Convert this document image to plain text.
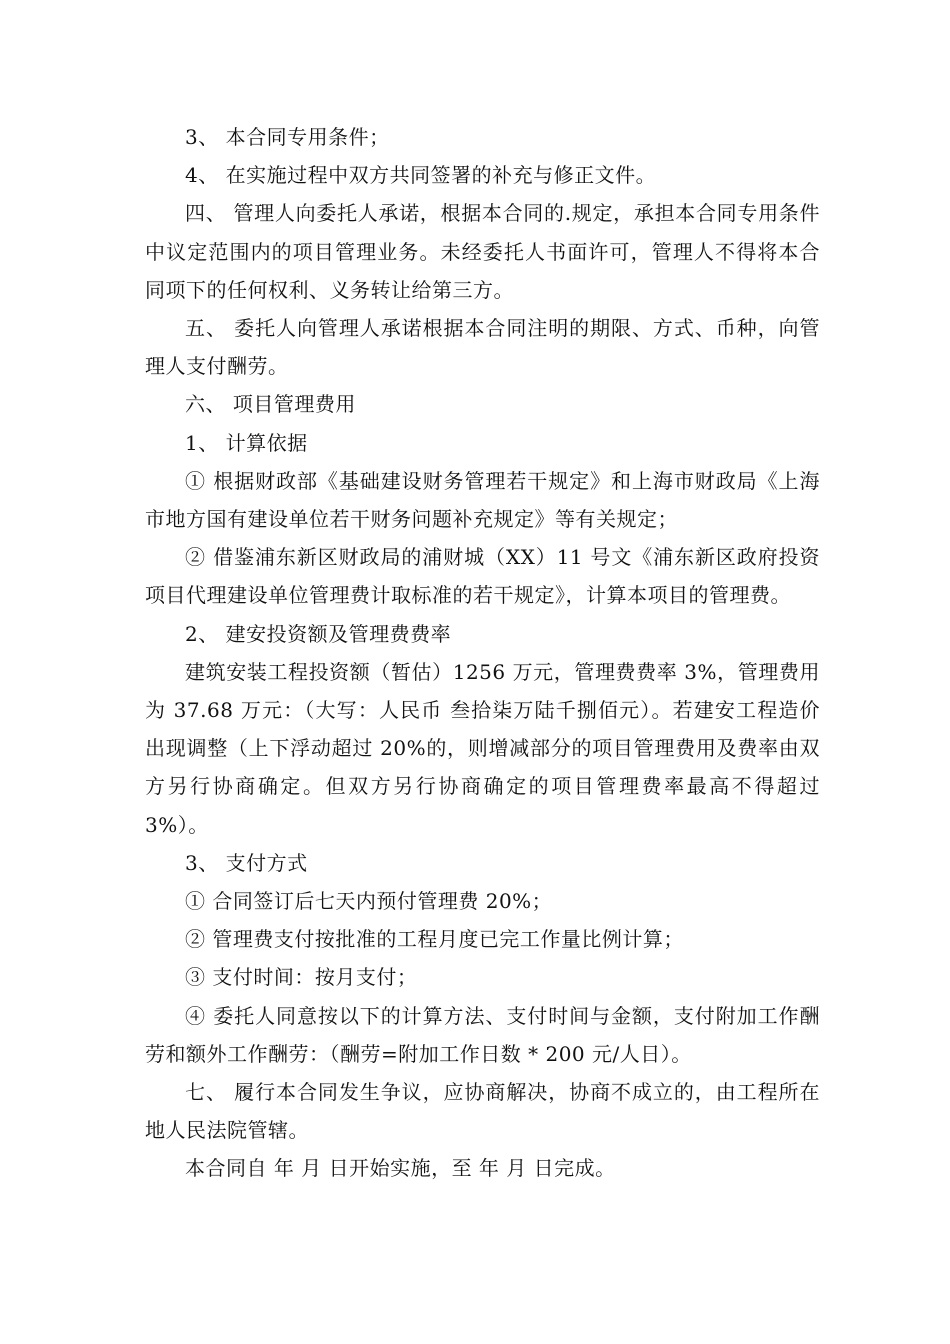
3、 本合同专用条件；

4、 在实施过程中双方共同签署的补充与修正文件。

四、 管理人向委托人承诺，根据本合同的.规定，承担本合同专用条件中议定范围内的项目管理业务。未经委托人书面许可，管理人不得将本合同项下的任何权利、义务转让给第三方。

五、 委托人向管理人承诺根据本合同注明的期限、方式、币种，向管理人支付酬劳。

六、 项目管理费用

1、 计算依据

① 根据财政部《基础建设财务管理若干规定》和上海市财政局《上海市地方国有建设单位若干财务问题补充规定》等有关规定；

② 借鉴浦东新区财政局的浦财城（XX）11 号文《浦东新区政府投资项目代理建设单位管理费计取标准的若干规定》，计算本项目的管理费。

2、 建安投资额及管理费费率

建筑安装工程投资额（暂估）1256 万元，管理费费率 3%，管理费用为 37.68 万元：（大写：人民币 叁拾柒万陆千捌佰元）。若建安工程造价出现调整（上下浮动超过 20%的，则增减部分的项目管理费用及费率由双方另行协商确定。但双方另行协商确定的项目管理费率最高不得超过 3%）。

3、 支付方式

① 合同签订后七天内预付管理费 20%；

② 管理费支付按批准的工程月度已完工作量比例计算；

③ 支付时间：按月支付；

④ 委托人同意按以下的计算方法、支付时间与金额，支付附加工作酬劳和额外工作酬劳：（酬劳=附加工作日数 * 200 元/人日）。

七、 履行本合同发生争议，应协商解决，协商不成立的，由工程所在地人民法院管辖。

本合同自 年 月 日开始实施，至 年 月 日完成。
